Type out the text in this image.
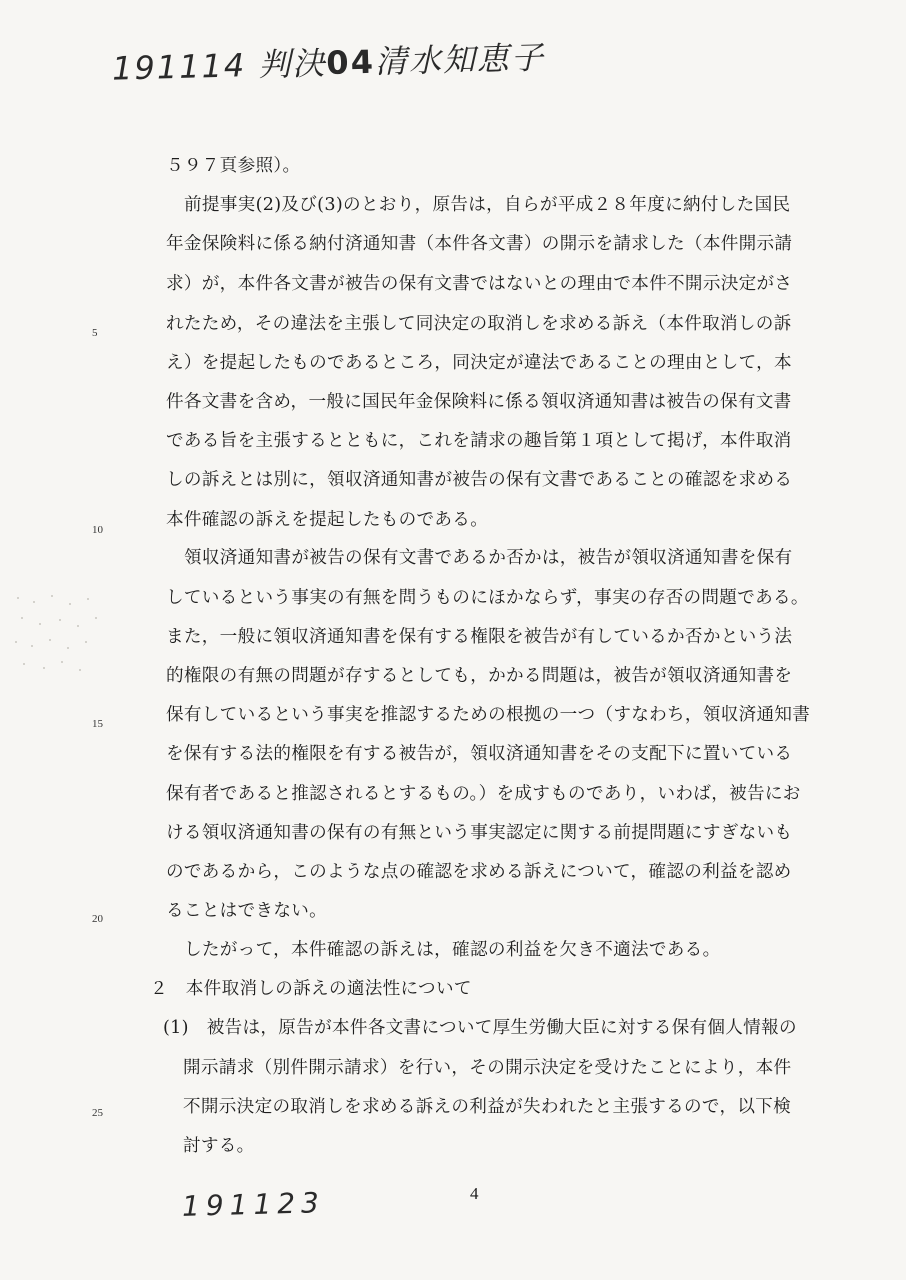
191114 判決04清水知恵子
5
10
15
20
25
５９７頁参照）。
前提事実(2)及び(3)のとおり，原告は，自らが平成２８年度に納付した国民
年金保険料に係る納付済通知書（本件各文書）の開示を請求した（本件開示請
求）が，本件各文書が被告の保有文書ではないとの理由で本件不開示決定がさ
れたため，その違法を主張して同決定の取消しを求める訴え（本件取消しの訴
え）を提起したものであるところ，同決定が違法であることの理由として，本
件各文書を含め，一般に国民年金保険料に係る領収済通知書は被告の保有文書
である旨を主張するとともに，これを請求の趣旨第１項として掲げ，本件取消
しの訴えとは別に，領収済通知書が被告の保有文書であることの確認を求める
本件確認の訴えを提起したものである。
領収済通知書が被告の保有文書であるか否かは，被告が領収済通知書を保有
しているという事実の有無を問うものにほかならず，事実の存否の問題である。
また，一般に領収済通知書を保有する権限を被告が有しているか否かという法
的権限の有無の問題が存するとしても，かかる問題は，被告が領収済通知書を
保有しているという事実を推認するための根拠の一つ（すなわち，領収済通知書
を保有する法的権限を有する被告が，領収済通知書をその支配下に置いている
保有者であると推認されるとするもの。）を成すものであり，いわば，被告にお
ける領収済通知書の保有の有無という事実認定に関する前提問題にすぎないも
のであるから，このような点の確認を求める訴えについて，確認の利益を認め
ることはできない。
したがって，本件確認の訴えは，確認の利益を欠き不適法である。
２　本件取消しの訴えの適法性について
(1)　被告は，原告が本件各文書について厚生労働大臣に対する保有個人情報の
開示請求（別件開示請求）を行い，その開示決定を受けたことにより，本件
不開示決定の取消しを求める訴えの利益が失われたと主張するので，以下検
討する。
4
191123
